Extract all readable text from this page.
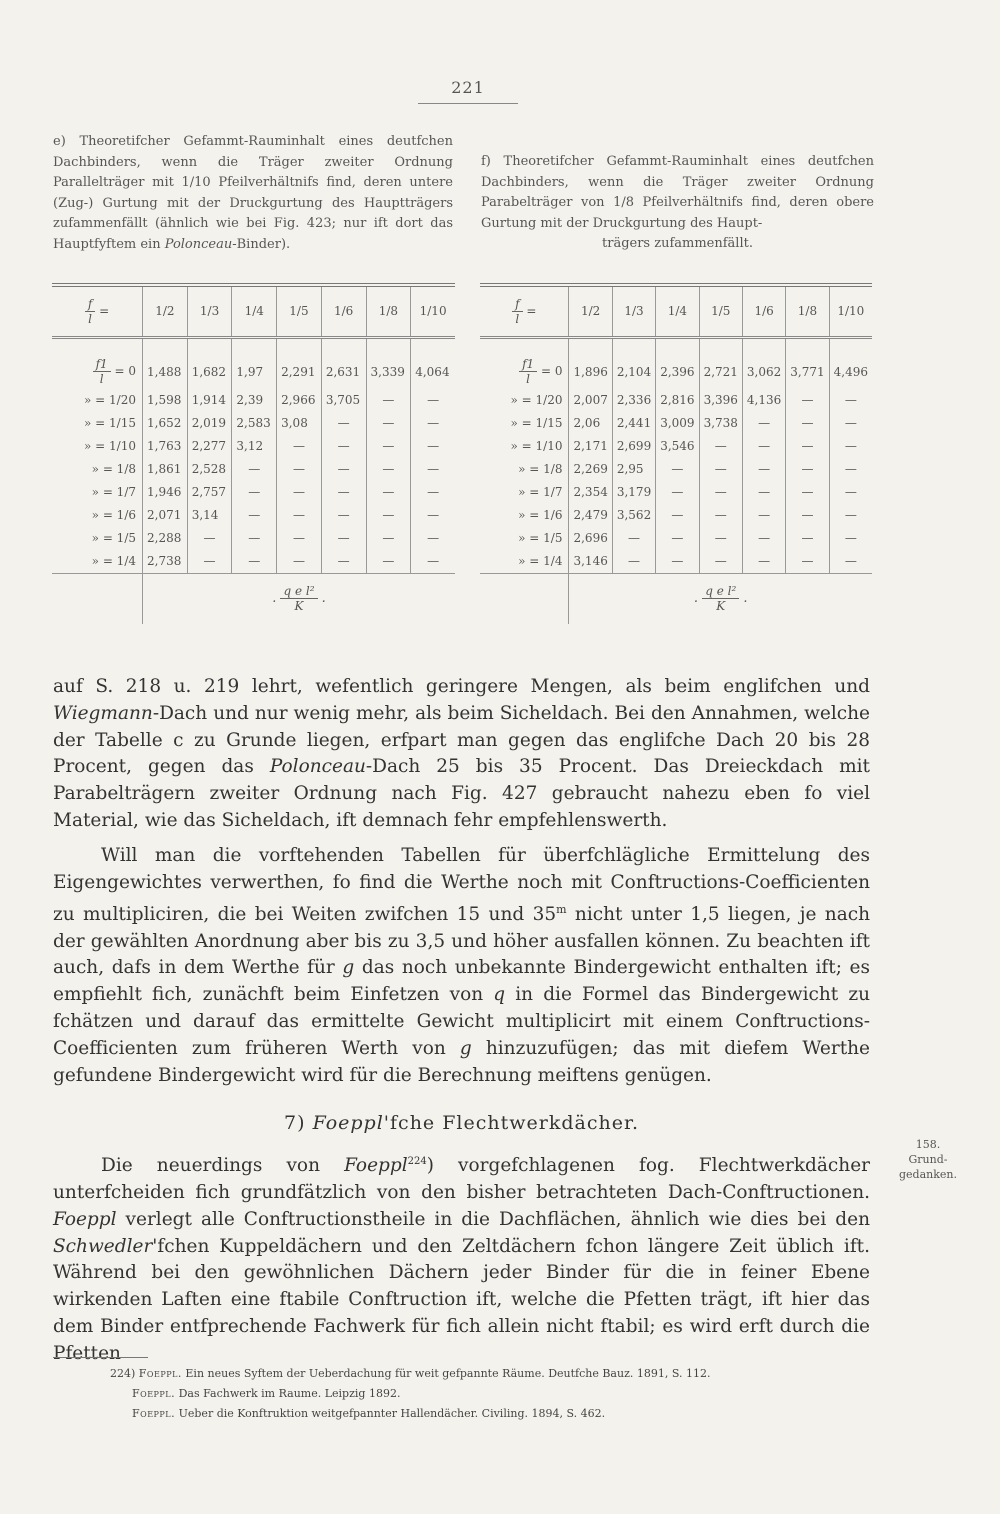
221
e) Theoretifcher Gefammt-Rauminhalt eines deutfchen Dachbinders, wenn die Träger zweiter Ordnung Parallelträger mit 1/10 Pfeilverhältnifs find, deren untere (Zug-) Gurtung mit der Druckgurtung des Hauptträgers zufammenfällt (ähnlich wie bei Fig. 423; nur ift dort das Hauptfyftem ein Polonceau-Binder).
f) Theoretifcher Gefammt-Rauminhalt eines deutfchen Dachbinders, wenn die Träger zweiter Ordnung Parabelträger von 1/8 Pfeilverhältnifs find, deren obere Gurtung mit der Druckgurtung des Haupt-
trägers zufammenfällt.
$\frac{f}{l}$ =	1/2	1/3	1/4	1/5	1/6	1/8	1/10

$\frac{f1}{l} = 0$	1,488	1,682	1,97	2,291	2,631	3,339	4,064
» = 1/20	1,598	1,914	2,39	2,966	3,705	—	—
» = 1/15	1,652	2,019	2,583	3,08	—	—	—
» = 1/10	1,763	2,277	3,12	—	—	—	—
» = 1/8	1,861	2,528	—	—	—	—	—
» = 1/7	1,946	2,757	—	—	—	—	—
» = 1/6	2,071	3,14	—	—	—	—	—
» = 1/5	2,288	—	—	—	—	—	—
» = 1/4	2,738	—	—	—	—	—	—
	. $\frac{\text{q e l²}}{K}$ .						
$\frac{f}{l}$ =	1/2	1/3	1/4	1/5	1/6	1/8	1/10

$\frac{f1}{l} = 0$	1,896	2,104	2,396	2,721	3,062	3,771	4,496
» = 1/20	2,007	2,336	2,816	3,396	4,136	—	—
» = 1/15	2,06	2,441	3,009	3,738	—	—	—
» = 1/10	2,171	2,699	3,546	—	—	—	—
» = 1/8	2,269	2,95	—	—	—	—	—
» = 1/7	2,354	3,179	—	—	—	—	—
» = 1/6	2,479	3,562	—	—	—	—	—
» = 1/5	2,696	—	—	—	—	—	—
» = 1/4	3,146	—	—	—	—	—	—
	. $\frac{\text{q e l²}}{K}$ .						
auf S. 218 u. 219 lehrt, wefentlich geringere Mengen, als beim englifchen und Wiegmann-Dach und nur wenig mehr, als beim Sicheldach. Bei den Annahmen, welche der Tabelle c zu Grunde liegen, erfpart man gegen das englifche Dach 20 bis 28 Procent, gegen das Polonceau-Dach 25 bis 35 Procent. Das Dreieckdach mit Parabelträgern zweiter Ordnung nach Fig. 427 gebraucht nahezu eben fo viel Material, wie das Sicheldach, ift demnach fehr empfehlenswerth.
Will man die vorftehenden Tabellen für überfchlägliche Ermittelung des Eigengewichtes verwerthen, fo find die Werthe noch mit Conftructions-Coefficienten zu multipliciren, die bei Weiten zwifchen 15 und 35$^m$ nicht unter 1,5 liegen, je nach der gewählten Anordnung aber bis zu 3,5 und höher ausfallen können. Zu beachten ift auch, dafs in dem Werthe für g das noch unbekannte Bindergewicht enthalten ift; es empfiehlt fich, zunächft beim Einfetzen von q in die Formel das Bindergewicht zu fchätzen und darauf das ermittelte Gewicht multiplicirt mit einem Conftructions-Coefficienten zum früheren Werth von g hinzuzufügen; das mit diefem Werthe gefundene Bindergewicht wird für die Berechnung meiftens genügen.
7) Foeppl'fche Flechtwerkdächer.
Die neuerdings von Foeppl$^{224}$) vorgefchlagenen fog. Flechtwerkdächer unterfcheiden fich grundfätzlich von den bisher betrachteten Dach-Conftructionen. Foeppl verlegt alle Conftructionstheile in die Dachflächen, ähnlich wie dies bei den Schwedler'fchen Kuppeldächern und den Zeltdächern fchon längere Zeit üblich ift. Während bei den gewöhnlichen Dächern jeder Binder für die in feiner Ebene wirkenden Laften eine ftabile Conftruction ift, welche die Pfetten trägt, ift hier das dem Binder entfprechende Fachwerk für fich allein nicht ftabil; es wird erft durch die Pfetten
158.
Grund-
gedanken.
224) Foeppl. Ein neues Syftem der Ueberdachung für weit gefpannte Räume. Deutfche Bauz. 1891, S. 112.
Foeppl. Das Fachwerk im Raume. Leipzig 1892.
Foeppl. Ueber die Konftruktion weitgefpannter Hallendächer. Civiling. 1894, S. 462.
